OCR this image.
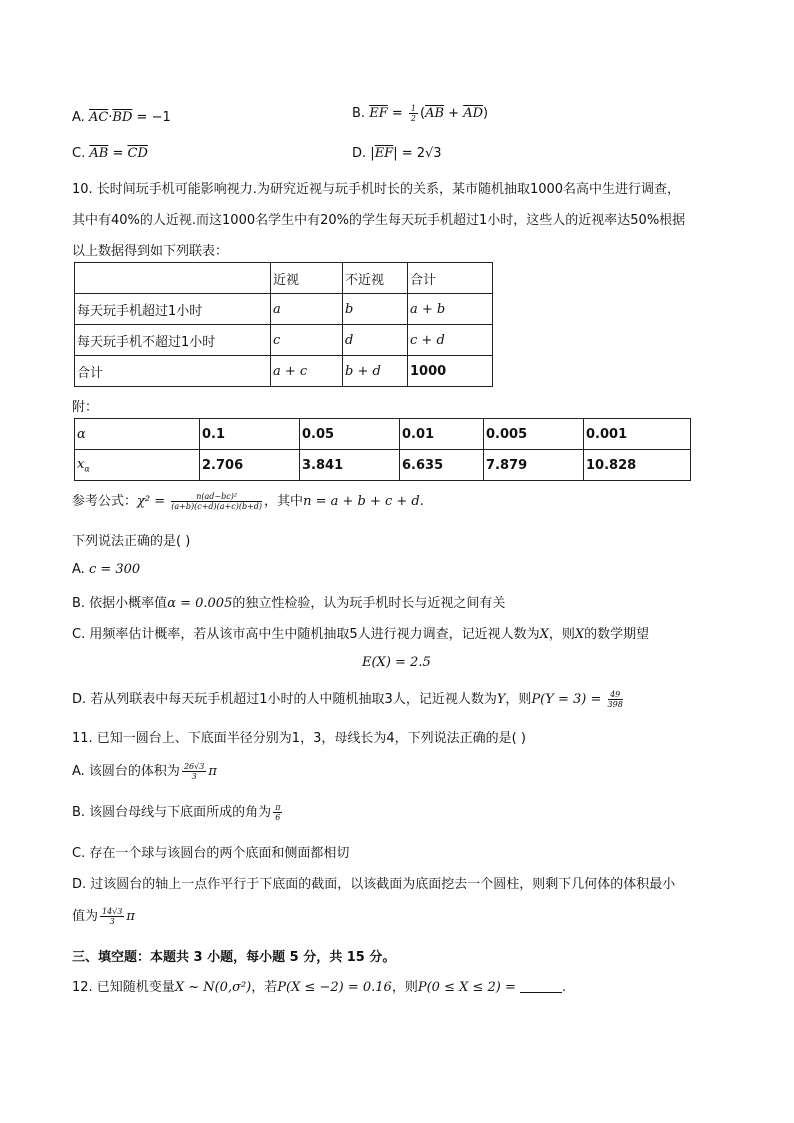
A. $\overline{AC}\cdot\overline{BD} = -1$	B. $\overline{EF} = \frac{1}{2} (\overline{AB} + \overline{AD})$
C. $\overline{AB} = \overline{CD}$	D. $|\overline{EF}| = 2√3$
10. 长时间玩手机可能影响视力.为研究近视与玩手机时长的关系，某市随机抽取1000名高中生进行调查，
其中有40%的人近视.而这1000名学生中有20%的学生每天玩手机超过1小时，这些人的近视率达50%根据
以上数据得到如下列联表：
	近视	不近视	合计
每天玩手机超过1小时	a	b	a + b
每天玩手机不超过1小时	c	d	c + d
合计	a + c	b + d	1000
附：
α	0.1	0.05	0.01	0.005	0.001
$x_\alpha$	2.706	3.841	6.635	7.879	10.828
参考公式：$\chi^2 = \frac{\text{n(ad−bc)²}}{(a+b)(c+d)(a+c)(b+d)}$ ，其中n = a + b + c + d.
下列说法正确的是( )
A. c = 300
B. 依据小概率值α = 0.005的独立性检验，认为玩手机时长与近视之间有关
C. 用频率估计概率，若从该市高中生中随机抽取5人进行视力调查，记近视人数为X，则X的数学期望
E(X) = 2.5
D. 若从列联表中每天玩手机超过1小时的人中随机抽取3人，记近视人数为Y，则$P(Y = 3) = \frac{49}{398}$
11. 已知一圆台上、下底面半径分别为1，3，母线长为4，下列说法正确的是( )
A. 该圆台的体积为 $\frac{26√3}{3}$ π
B. 该圆台母线与下底面所成的角为 $\frac{\pi}{6}$
C. 存在一个球与该圆台的两个底面和侧面都相切
D. 过该圆台的轴上一点作平行于下底面的截面，以该截面为底面挖去一个圆柱，则剩下几何体的体积最小
值为 $\frac{14√3}{3}$ π
三、填空题：本题共 3 小题，每小题 5 分，共 15 分。
12. 已知随机变量X ~ N(0,σ²)，若P(X ≤ −2) = 0.16，则P(0 ≤ X ≤ 2) =	.
